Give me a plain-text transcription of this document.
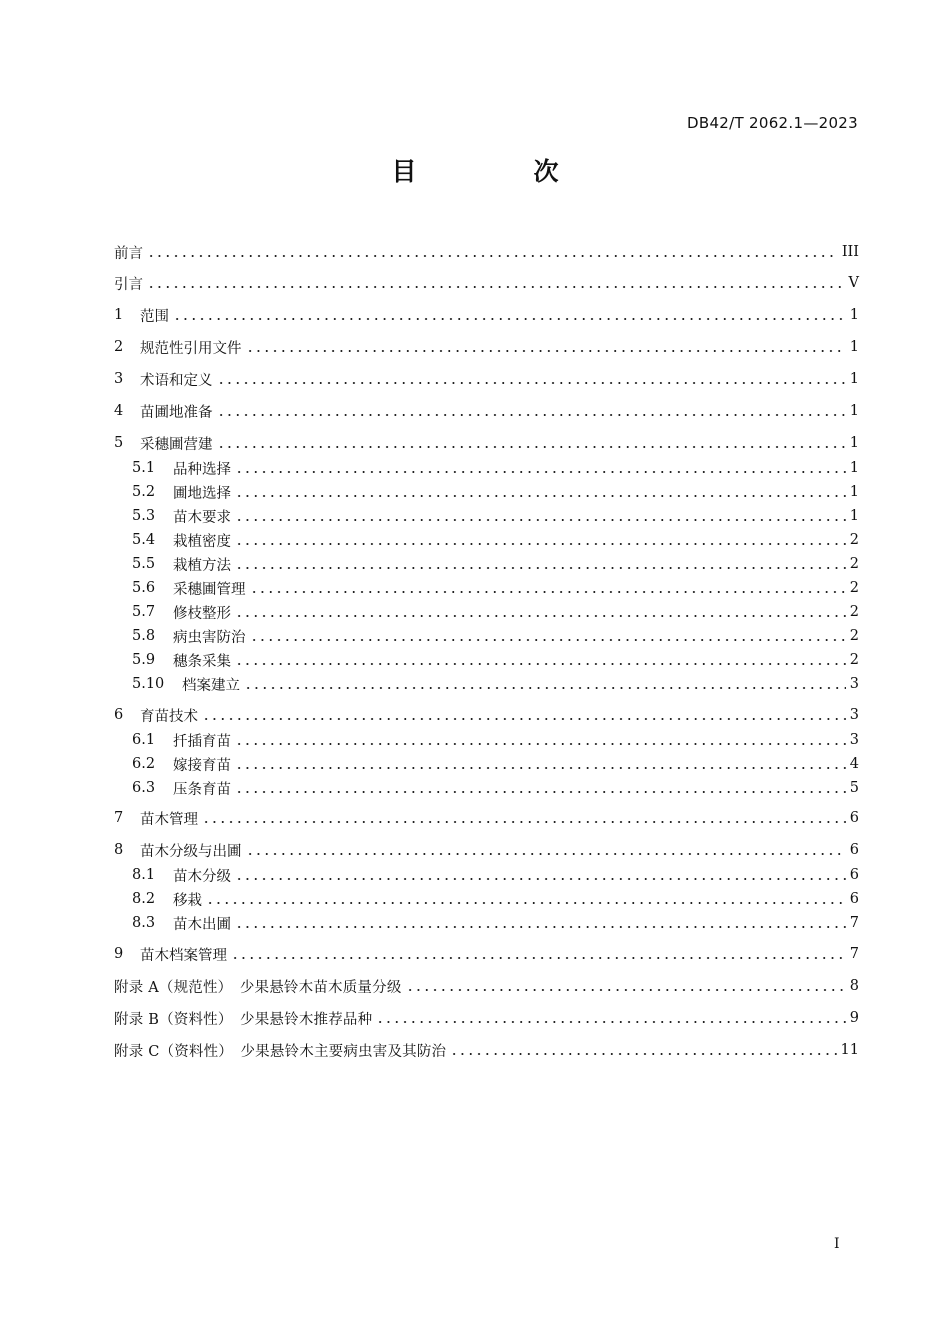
DB42/T 2062.1—2023
目　次
前言	III
引言	V
1	范围	1
2	规范性引用文件	1
3	术语和定义	1
4	苗圃地准备	1
5	采穗圃营建	1
5.1	品种选择	1
5.2	圃地选择	1
5.3	苗木要求	1
5.4	栽植密度	2
5.5	栽植方法	2
5.6	采穗圃管理	2
5.7	修枝整形	2
5.8	病虫害防治	2
5.9	穗条采集	2
5.10	档案建立	3
6	育苗技术	3
6.1	扦插育苗	3
6.2	嫁接育苗	4
6.3	压条育苗	5
7	苗木管理	6
8	苗木分级与出圃	6
8.1	苗木分级	6
8.2	移栽	6
8.3	苗木出圃	7
9	苗木档案管理	7
附录 A（规范性）　少果悬铃木苗木质量分级	8
附录 B（资料性）　少果悬铃木推荐品种	9
附录 C（资料性）　少果悬铃木主要病虫害及其防治	11
I
